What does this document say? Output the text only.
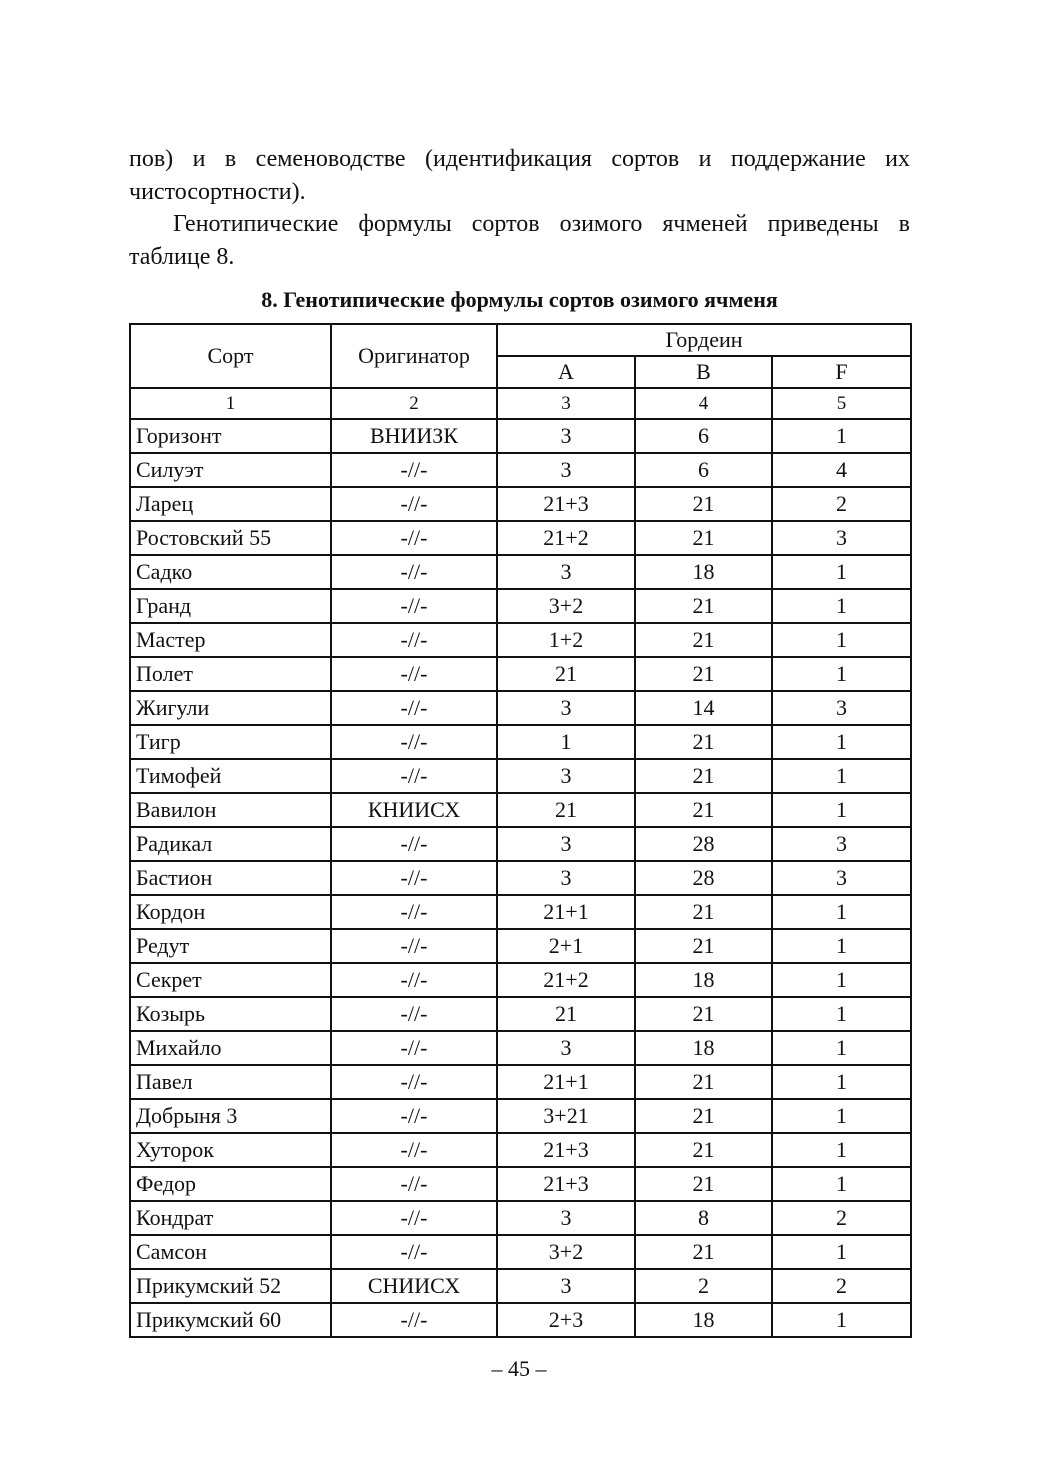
пов) и в семеноводстве (идентификация сортов и поддержание их чистосортности).

Генотипические формулы сортов озимого ячменей приведены в таблице 8.

8. Генотипические формулы сортов озимого ячменя

Сорт	Оригинатор	Гордеин		
		A	B	F
1	2	3	4	5
Горизонт	ВНИИЗК	3	6	1
Силуэт	-//-	3	6	4
Ларец	-//-	21+3	21	2
Ростовский 55	-//-	21+2	21	3
Садко	-//-	3	18	1
Гранд	-//-	3+2	21	1
Мастер	-//-	1+2	21	1
Полет	-//-	21	21	1
Жигули	-//-	3	14	3
Тигр	-//-	1	21	1
Тимофей	-//-	3	21	1
Вавилон	КНИИСХ	21	21	1
Радикал	-//-	3	28	3
Бастион	-//-	3	28	3
Кордон	-//-	21+1	21	1
Редут	-//-	2+1	21	1
Секрет	-//-	21+2	18	1
Козырь	-//-	21	21	1
Михайло	-//-	3	18	1
Павел	-//-	21+1	21	1
Добрыня 3	-//-	3+21	21	1
Хуторок	-//-	21+3	21	1
Федор	-//-	21+3	21	1
Кондрат	-//-	3	8	2
Самсон	-//-	3+2	21	1
Прикумский 52	СНИИСХ	3	2	2
Прикумский 60	-//-	2+3	18	1

– 45 –
